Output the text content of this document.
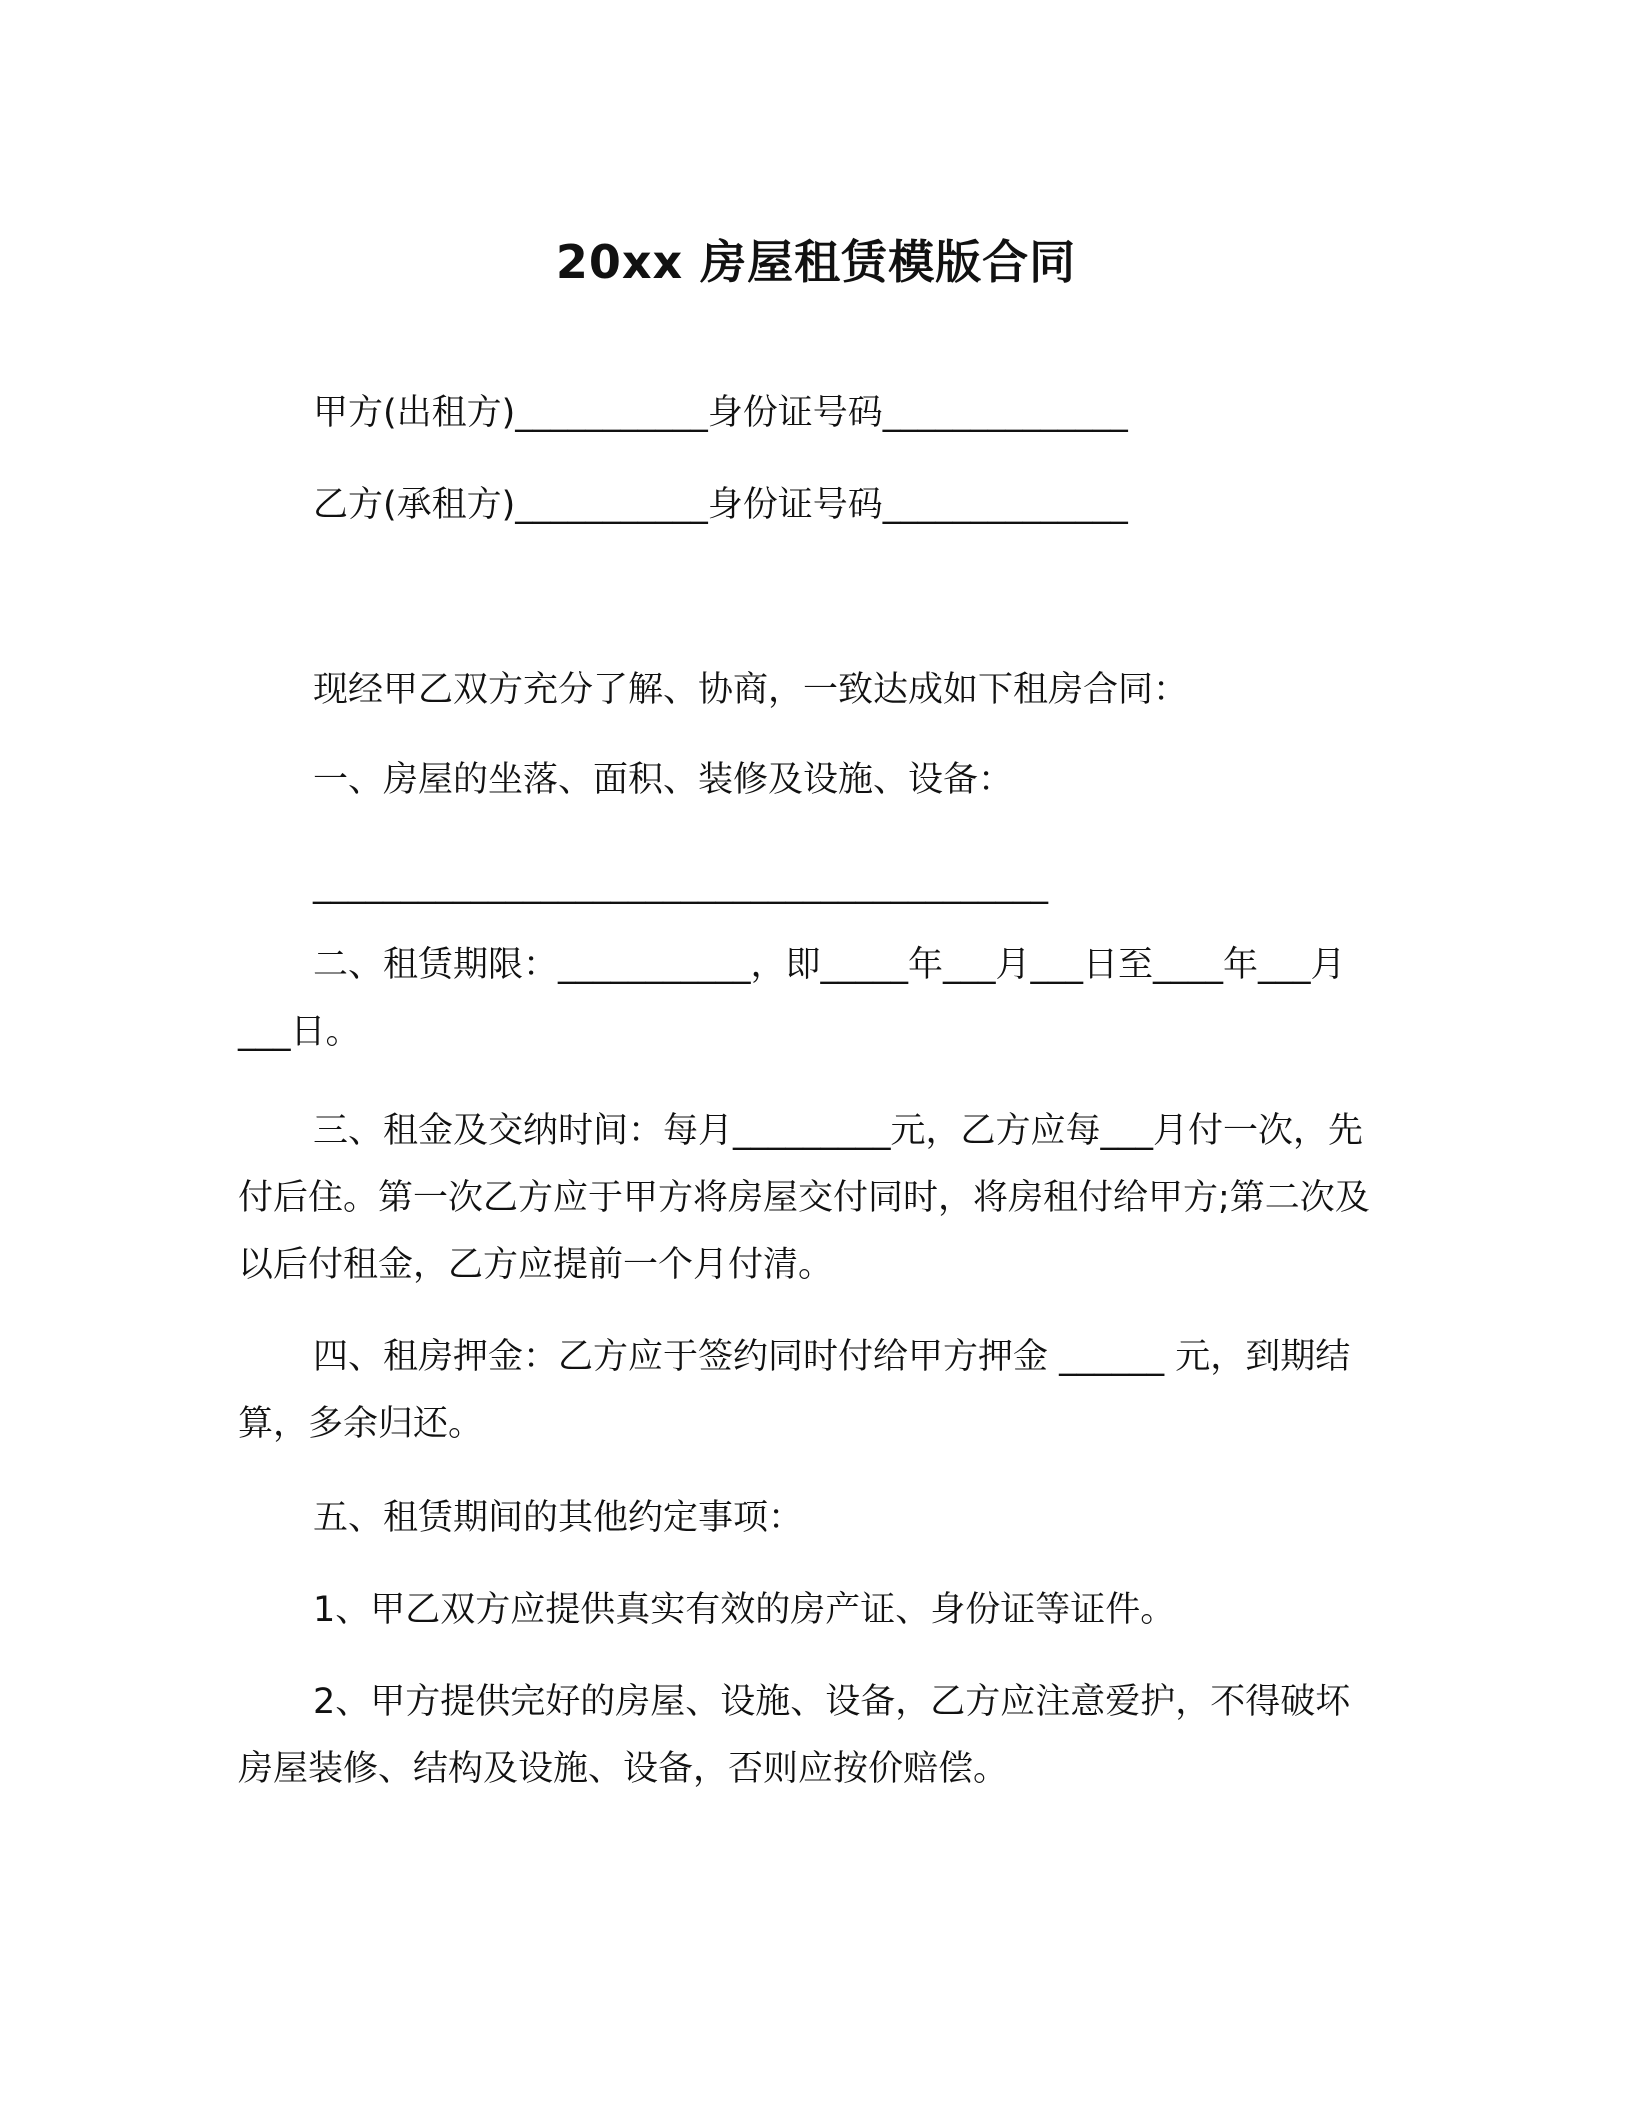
20xx 房屋租赁模版合同
甲方(出租方)___________身份证号码______________
乙方(承租方)___________身份证号码______________
现经甲乙双方充分了解、协商，一致达成如下租房合同：
一、房屋的坐落、面积、装修及设施、设备：
__________________________________________
二、租赁期限：___________，即_____年___月___日至____年___月___日。
三、租金及交纳时间：每月_________元，乙方应每___月付一次，先付后住。第一次乙方应于甲方将房屋交付同时，将房租付给甲方;第二次及以后付租金，乙方应提前一个月付清。
四、租房押金：乙方应于签约同时付给甲方押金 ______ 元，到期结算，多余归还。
五、租赁期间的其他约定事项：
1、甲乙双方应提供真实有效的房产证、身份证等证件。
2、甲方提供完好的房屋、设施、设备，乙方应注意爱护，不得破坏房屋装修、结构及设施、设备，否则应按价赔偿。
